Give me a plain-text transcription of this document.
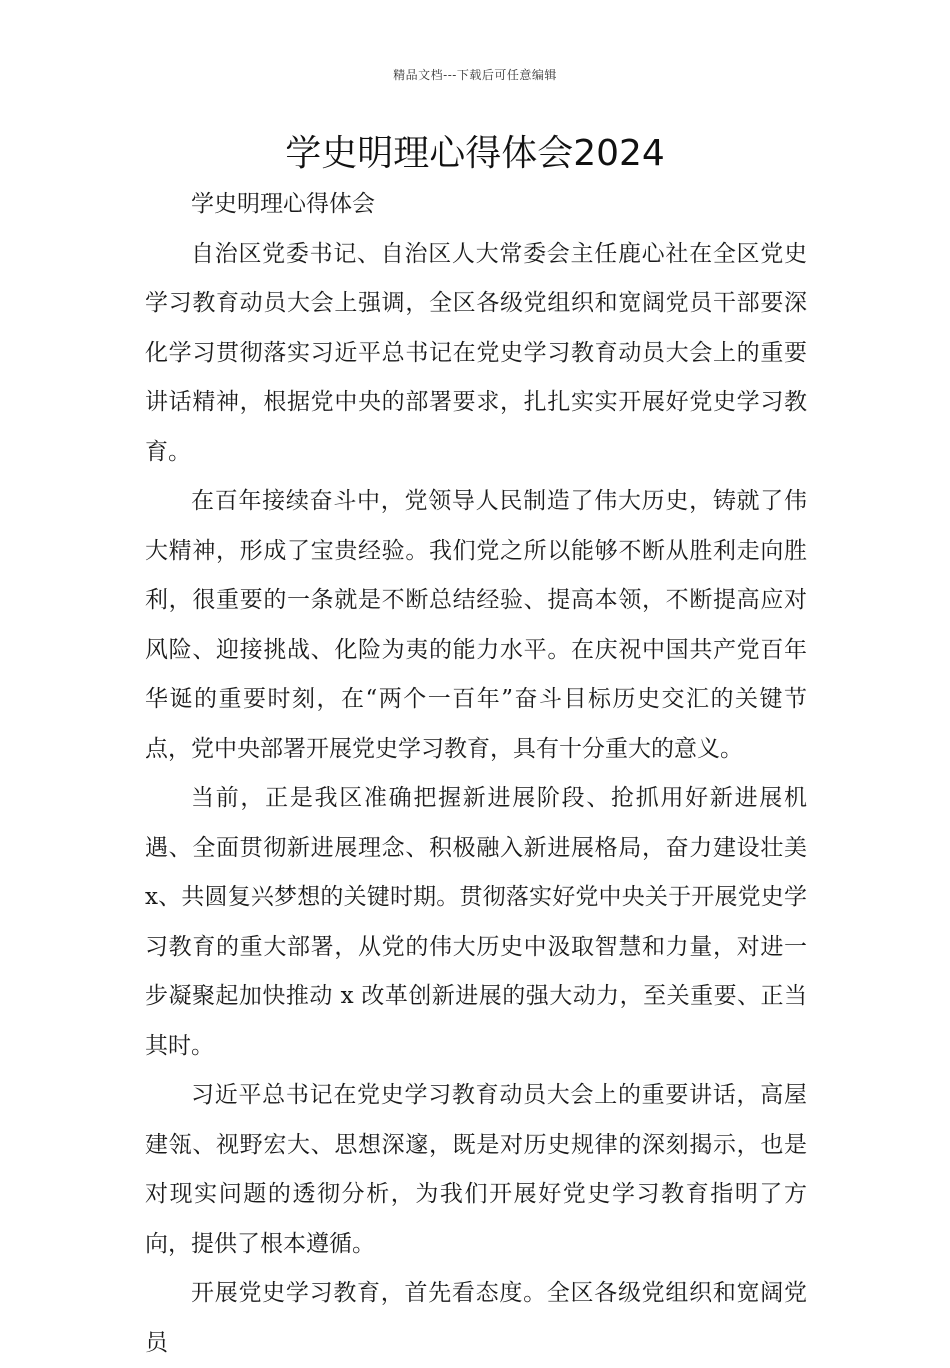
精品文档---下载后可任意编辑
学史明理心得体会2024

学史明理心得体会

自治区党委书记、自治区人大常委会主任鹿心社在全区党史学习教育动员大会上强调，全区各级党组织和宽阔党员干部要深化学习贯彻落实习近平总书记在党史学习教育动员大会上的重要讲话精神，根据党中央的部署要求，扎扎实实开展好党史学习教育。

在百年接续奋斗中，党领导人民制造了伟大历史，铸就了伟大精神，形成了宝贵经验。我们党之所以能够不断从胜利走向胜利，很重要的一条就是不断总结经验、提高本领，不断提高应对风险、迎接挑战、化险为夷的能力水平。在庆祝中国共产党百年华诞的重要时刻，在“两个一百年”奋斗目标历史交汇的关键节点，党中央部署开展党史学习教育，具有十分重大的意义。

当前，正是我区准确把握新进展阶段、抢抓用好新进展机遇、全面贯彻新进展理念、积极融入新进展格局，奋力建设壮美 x、共圆复兴梦想的关键时期。贯彻落实好党中央关于开展党史学习教育的重大部署，从党的伟大历史中汲取智慧和力量，对进一步凝聚起加快推动 x 改革创新进展的强大动力，至关重要、正当其时。

习近平总书记在党史学习教育动员大会上的重要讲话，高屋建瓴、视野宏大、思想深邃，既是对历史规律的深刻揭示，也是对现实问题的透彻分析，为我们开展好党史学习教育指明了方向，提供了根本遵循。

开展党史学习教育，首先看态度。全区各级党组织和宽阔党员
